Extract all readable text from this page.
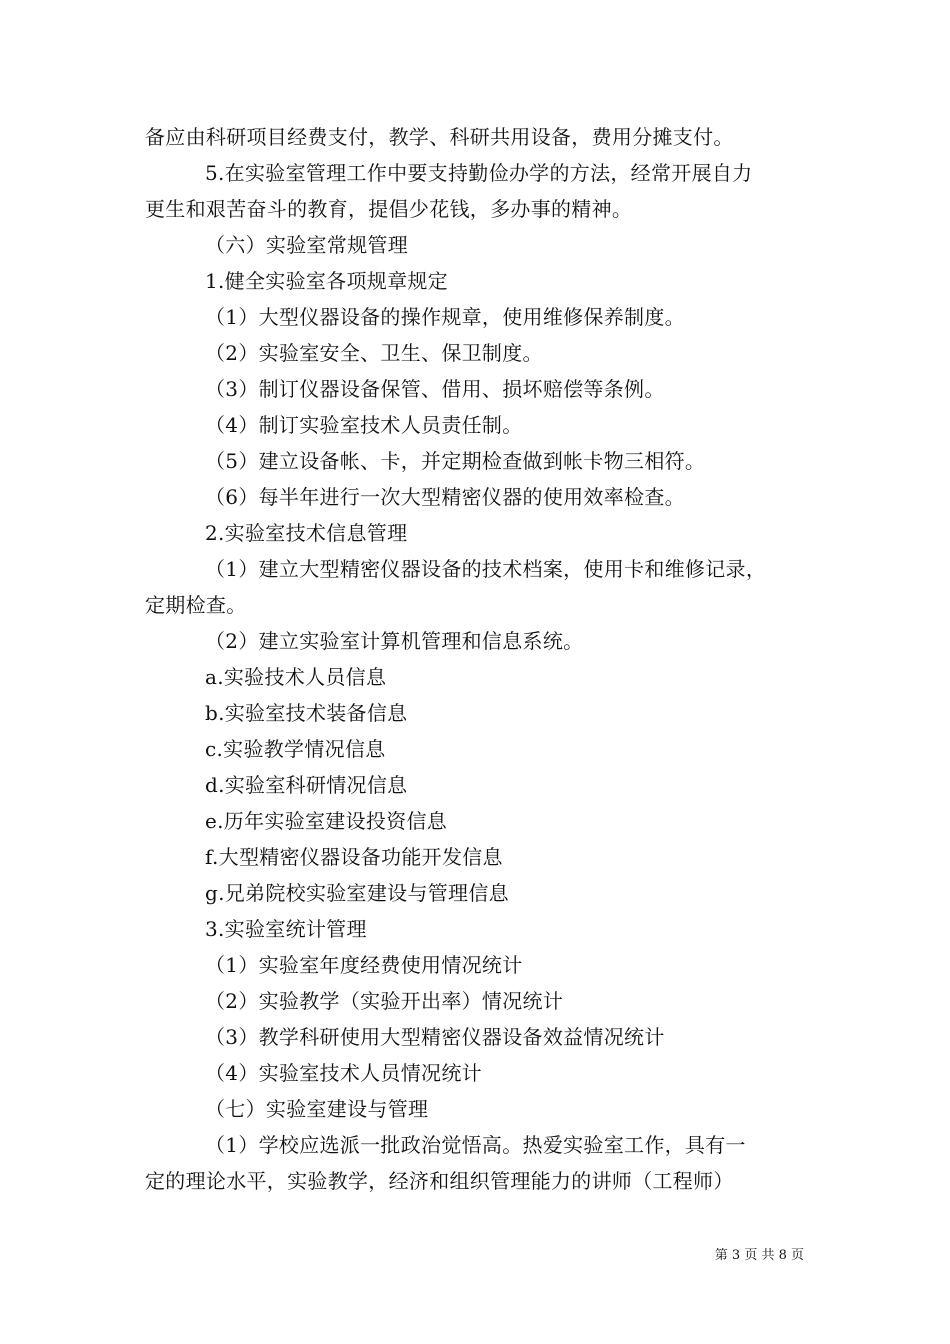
备应由科研项目经费支付，教学、科研共用设备，费用分摊支付。
5.在实验室管理工作中要支持勤俭办学的方法，经常开展自力
更生和艰苦奋斗的教育，提倡少花钱，多办事的精神。
（六）实验室常规管理
1.健全实验室各项规章规定
（1）大型仪器设备的操作规章，使用维修保养制度。
（2）实验室安全、卫生、保卫制度。
（3）制订仪器设备保管、借用、损坏赔偿等条例。
（4）制订实验室技术人员责任制。
（5）建立设备帐、卡，并定期检查做到帐卡物三相符。
（6）每半年进行一次大型精密仪器的使用效率检查。
2.实验室技术信息管理
（1）建立大型精密仪器设备的技术档案，使用卡和维修记录，
定期检查。
（2）建立实验室计算机管理和信息系统。
a.实验技术人员信息
b.实验室技术装备信息
c.实验教学情况信息
d.实验室科研情况信息
e.历年实验室建设投资信息
f.大型精密仪器设备功能开发信息
g.兄弟院校实验室建设与管理信息
3.实验室统计管理
（1）实验室年度经费使用情况统计
（2）实验教学（实验开出率）情况统计
（3）教学科研使用大型精密仪器设备效益情况统计
（4）实验室技术人员情况统计
（七）实验室建设与管理
（1）学校应选派一批政治觉悟高。热爱实验室工作，具有一
定的理论水平，实验教学，经济和组织管理能力的讲师（工程师）
第 3 页 共 8 页
